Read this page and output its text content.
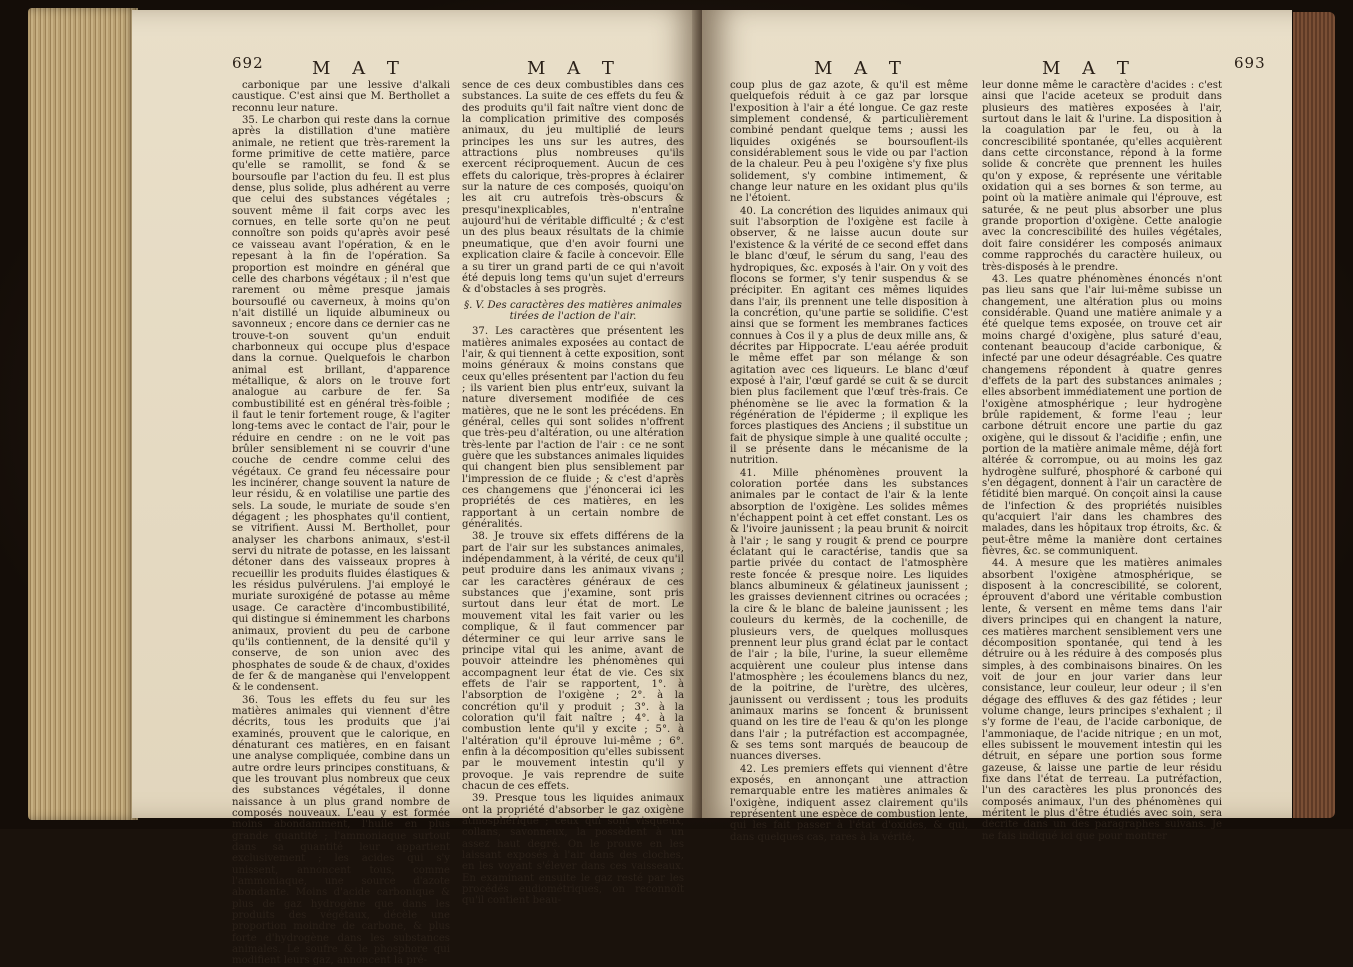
692	M A T	M A T

carbonique par une lessive d'alkali caustique. C'est ainsi que M. Berthollet a reconnu leur nature.

35. Le charbon qui reste dans la cornue après la distillation d'une matière animale, ne retient que très-rarement la forme primitive de cette matière, parce qu'elle se ramollit, se fond & se boursoufle par l'action du feu. Il est plus dense, plus solide, plus adhérent au verre que celui des substances végétales ; souvent même il fait corps avec les cornues, en telle sorte qu'on ne peut connoître son poids qu'après avoir pesé ce vaisseau avant l'opération, & en le repesant à la fin de l'opération. Sa proportion est moindre en général que celle des charbons végétaux ; il n'est que rarement ou même presque jamais boursouflé ou caverneux, à moins qu'on n'ait distillé un liquide albumineux ou savonneux ; encore dans ce dernier cas ne trouve-t-on souvent qu'un enduit charbonneux qui occupe plus d'espace dans la cornue. Quelquefois le charbon animal est brillant, d'apparence métallique, & alors on le trouve fort analogue au carbure de fer. Sa combustibilité est en général très-foible ; il faut le tenir fortement rouge, & l'agiter long-tems avec le contact de l'air, pour le réduire en cendre : on ne le voit pas brûler sensiblement ni se couvrir d'une couche de cendre comme celui des végétaux. Ce grand feu nécessaire pour les incinérer, change souvent la nature de leur résidu, & en volatilise une partie des sels. La soude, le muriate de soude s'en dégagent ; les phosphates qu'il contient, se vitrifient. Aussi M. Berthollet, pour analyser les charbons animaux, s'est-il servi du nitrate de potasse, en les laissant détoner dans des vaisseaux propres à recueillir les produits fluides élastiques & les résidus pulvérulens. J'ai employé le muriate suroxigéné de potasse au même usage. Ce caractère d'incombustibilité, qui distingue si éminemment les charbons animaux, provient du peu de carbone qu'ils contiennent, de la densité qu'il y conserve, de son union avec des phosphates de soude & de chaux, d'oxides de fer & de manganèse qui l'enveloppent & le condensent.

36. Tous les effets du feu sur les matières animales qui viennent d'être décrits, tous les produits que j'ai examinés, prouvent que le calorique, en dénaturant ces matières, en en faisant une analyse compliquée, combine dans un autre ordre leurs principes constituans, & que les trouvant plus nombreux que ceux des substances végétales, il donne naissance à un plus grand nombre de composés nouveaux. L'eau y est formée moins abondamment, l'huile en plus grande quantité ; l'ammoniaque surtout dans sa quantité leur appartient exclusivement ; les acides qui s'y unissent, annoncent tous, comme l'ammoniaque, une source d'azote abondante. Moins d'acide carbonique & plus de gaz hydrogène que dans les produits des végétaux, décèle une proportion moindre de carbone, & plus forte d'hydrogène dans les substances animales. Le soufre & le phosphore qui modifient leurs gaz, annoncent la pré-

sence de ces deux combustibles dans ces substances. La suite de ces effets du feu & des produits qu'il fait naître vient donc de la complication primitive des composés animaux, du jeu multiplié de leurs principes les uns sur les autres, des attractions plus nombreuses qu'ils exercent réciproquement. Aucun de ces effets du calorique, très-propres à éclairer sur la nature de ces composés, quoiqu'on les ait cru autrefois très-obscurs & presqu'inexplicables, n'entraîne aujourd'hui de véritable difficulté ; & c'est un des plus beaux résultats de la chimie pneumatique, que d'en avoir fourni une explication claire & facile à concevoir. Elle a su tirer un grand parti de ce qui n'avoit été depuis long tems qu'un sujet d'erreurs & d'obstacles à ses progrès.

§. V. Des caractères des matières animales tirées de l'action de l'air.

37. Les caractères que présentent les matières animales exposées au contact de l'air, & qui tiennent à cette exposition, sont moins généraux & moins constans que ceux qu'elles présentent par l'action du feu ; ils varient bien plus entr'eux, suivant la nature diversement modifiée de ces matières, que ne le sont les précédens. En général, celles qui sont solides n'offrent que très-peu d'altération, ou une altération très-lente par l'action de l'air : ce ne sont guère que les substances animales liquides qui changent bien plus sensiblement par l'impression de ce fluide ; & c'est d'après ces changemens que j'énoncerai ici les propriétés de ces matières, en les rapportant à un certain nombre de généralités.

38. Je trouve six effets différens de la part de l'air sur les substances animales, indépendamment, à la vérité, de ceux qu'il peut produire dans les animaux vivans ; car les caractères généraux de ces substances que j'examine, sont pris surtout dans leur état de mort. Le mouvement vital les fait varier ou les complique, & il faut commencer par déterminer ce qui leur arrive sans le principe vital qui les anime, avant de pouvoir atteindre les phénomènes qui accompagnent leur état de vie. Ces six effets de l'air se rapportent, 1°. à l'absorption de l'oxigène ; 2°. à la concrétion qu'il y produit ; 3°. à la coloration qu'il fait naître ; 4°. à la combustion lente qu'il y excite ; 5°. à l'altération qu'il éprouve lui-même ; 6°. enfin à la décomposition qu'elles subissent par le mouvement intestin qu'il y provoque. Je vais reprendre de suite chacun de ces effets.

39. Presque tous les liquides animaux ont la propriété d'absorber le gaz oxigène atmosphérique ; ceux qui sont visqueux, collans, savonneux, la possèdent à un assez haut degré. On le prouve en les laissant exposés à l'air dans des cloches, en les voyant s'élever dans ces vaisseaux. En examinant ensuite le gaz resté par les procédés eudiométriques, on reconnoît qu'il contient beau-

M A T	M A T	693

coup plus de gaz azote, & qu'il est même quelquefois réduit à ce gaz par lorsque l'exposition à l'air a été longue. Ce gaz reste simplement condensé, & particulièrement combiné pendant quelque tems ; aussi les liquides oxigénés se boursouflent-ils considérablement sous le vide ou par l'action de la chaleur. Peu à peu l'oxigène s'y fixe plus solidement, s'y combine intimement, & change leur nature en les oxidant plus qu'ils ne l'étoient.

40. La concrétion des liquides animaux qui suit l'absorption de l'oxigène est facile à observer, & ne laisse aucun doute sur l'existence & la vérité de ce second effet dans le blanc d'œuf, le sérum du sang, l'eau des hydropiques, &c. exposés à l'air. On y voit des flocons se former, s'y tenir suspendus & se précipiter. En agitant ces mêmes liquides dans l'air, ils prennent une telle disposition à la concrétion, qu'une partie se solidifie. C'est ainsi que se forment les membranes factices connues à Cos il y a plus de deux mille ans, & décrites par Hippocrate. L'eau aérée produit le même effet par son mélange & son agitation avec ces liqueurs. Le blanc d'œuf exposé à l'air, l'œuf gardé se cuit & se durcit bien plus facilement que l'œuf très-frais. Ce phénomène se lie avec la formation & la régénération de l'épiderme ; il explique les forces plastiques des Anciens ; il substitue un fait de physique simple à une qualité occulte ; il se présente dans le mécanisme de la nutrition.

41. Mille phénomènes prouvent la coloration portée dans les substances animales par le contact de l'air & la lente absorption de l'oxigène. Les solides mêmes n'échappent point à cet effet constant. Les os & l'ivoire jaunissent ; la peau brunit & noircit à l'air ; le sang y rougit & prend ce pourpre éclatant qui le caractérise, tandis que sa partie privée du contact de l'atmosphère reste foncée & presque noire. Les liquides blancs albumineux & gélatineux jaunissent ; les graisses deviennent citrines ou ocracées ; la cire & le blanc de baleine jaunissent ; les couleurs du kermès, de la cochenille, de plusieurs vers, de quelques mollusques prennent leur plus grand éclat par le contact de l'air ; la bile, l'urine, la sueur ellemême acquièrent une couleur plus intense dans l'atmosphère ; les écoulemens blancs du nez, de la poitrine, de l'urètre, des ulcères, jaunissent ou verdissent ; tous les produits animaux marins se foncent & brunissent quand on les tire de l'eau & qu'on les plonge dans l'air ; la putréfaction est accompagnée, & ses tems sont marqués de beaucoup de nuances diverses.

42. Les premiers effets qui viennent d'être exposés, en annonçant une attraction remarquable entre les matières animales & l'oxigène, indiquent assez clairement qu'ils représentent une espèce de combustion lente, qui les fait passer à l'état d'oxides, & qui, dans quelques cas, rares à la vérité,

leur donne même le caractère d'acides : c'est ainsi que l'acide aceteux se produit dans plusieurs des matières exposées à l'air, surtout dans le lait & l'urine. La disposition à la coagulation par le feu, ou à la concrescibilité spontanée, qu'elles acquièrent dans cette circonstance, répond à la forme solide & concrète que prennent les huiles qu'on y expose, & représente une véritable oxidation qui a ses bornes & son terme, au point où la matière animale qui l'éprouve, est saturée, & ne peut plus absorber une plus grande proportion d'oxigène. Cette analogie avec la concrescibilité des huiles végétales, doit faire considérer les composés animaux comme rapprochés du caractère huileux, ou très-disposés à le prendre.

43. Les quatre phénomènes énoncés n'ont pas lieu sans que l'air lui-même subisse un changement, une altération plus ou moins considérable. Quand une matière animale y a été quelque tems exposée, on trouve cet air moins chargé d'oxigène, plus saturé d'eau, contenant beaucoup d'acide carbonique, & infecté par une odeur désagréable. Ces quatre changemens répondent à quatre genres d'effets de la part des substances animales ; elles absorbent immédiatement une portion de l'oxigène atmosphérique ; leur hydrogène brûle rapidement, & forme l'eau ; leur carbone détruit encore une partie du gaz oxigène, qui le dissout & l'acidifie ; enfin, une portion de la matière animale même, déjà fort altérée & corrompue, ou au moins les gaz hydrogène sulfuré, phosphoré & carboné qui s'en dégagent, donnent à l'air un caractère de fétidité bien marqué. On conçoit ainsi la cause de l'infection & des propriétés nuisibles qu'acquiert l'air dans les chambres des malades, dans les hôpitaux trop étroits, &c. & peut-être même la manière dont certaines fièvres, &c. se communiquent.

44. A mesure que les matières animales absorbent l'oxigène atmosphérique, se disposent à la concrescibilité, se colorent, éprouvent d'abord une véritable combustion lente, & versent en même tems dans l'air divers principes qui en changent la nature, ces matières marchent sensiblement vers une décomposition spontanée, qui tend à les détruire ou à les réduire à des composés plus simples, à des combinaisons binaires. On les voit de jour en jour varier dans leur consistance, leur couleur, leur odeur ; il s'en dégage des effluves & des gaz fétides ; leur volume change, leurs principes s'exhalent ; il s'y forme de l'eau, de l'acide carbonique, de l'ammoniaque, de l'acide nitrique ; en un mot, elles subissent le mouvement intestin qui les détruit, en sépare une portion sous forme gazeuse, & laisse une partie de leur résidu fixe dans l'état de terreau. La putréfaction, l'un des caractères les plus prononcés des composés animaux, l'un des phénomènes qui méritent le plus d'être étudiés avec soin, sera décrite dans un des paragraphes suivans. Je ne fais indiqué ici que pour montrer
